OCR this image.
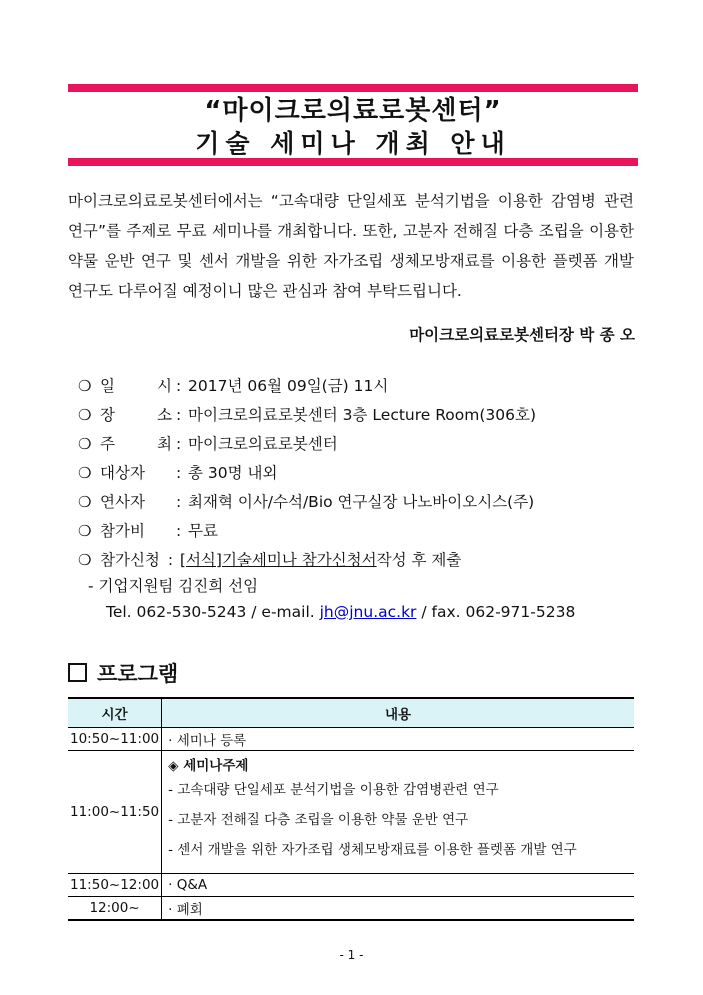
“마이크로의료로봇센터”
기술 세미나 개최 안내
마이크로의료로봇센터에서는 “고속대량 단일세포 분석기법을 이용한 감염병 관련 연구”를 주제로 무료 세미나를 개최합니다. 또한, 고분자 전해질 다층 조립을 이용한 약물 운반 연구 및 센서 개발을 위한 자가조립 생체모방재료를 이용한 플렛폼 개발 연구도 다루어질 예정이니 많은 관심과 참여 부탁드립니다.
마이크로의료로봇센터장 박 종 오
❍ 일 시 : 2017년 06월 09일(금) 11시
❍ 장 소 : 마이크로의료로봇센터 3층 Lecture Room(306호)
❍ 주 최 : 마이크로의료로봇센터
❍ 대상자	: 총 30명 내외
❍ 연사자	: 최재혁 이사/수석/Bio 연구실장 나노바이오시스(주)
❍ 참가비	: 무료
❍ 참가신청 : [서식]기술세미나 참가신청서 작성 후 제출
- 기업지원팀 김진희 선임
Tel. 062-530-5243 / e-mail. jh@jnu.ac.kr / fax. 062-971-5238
프로그램
시간	내용
10:50~11:00	· 세미나 등록
11:00~11:50	◈ 세미나주제
- 고속대량 단일세포 분석기법을 이용한 감염병관련 연구
- 고분자 전해질 다층 조립을 이용한 약물 운반 연구
- 센서 개발을 위한 자가조립 생체모방재료를 이용한 플렛폼 개발 연구

11:50~12:00	· Q&A
12:00~	· 폐회
- 1 -
